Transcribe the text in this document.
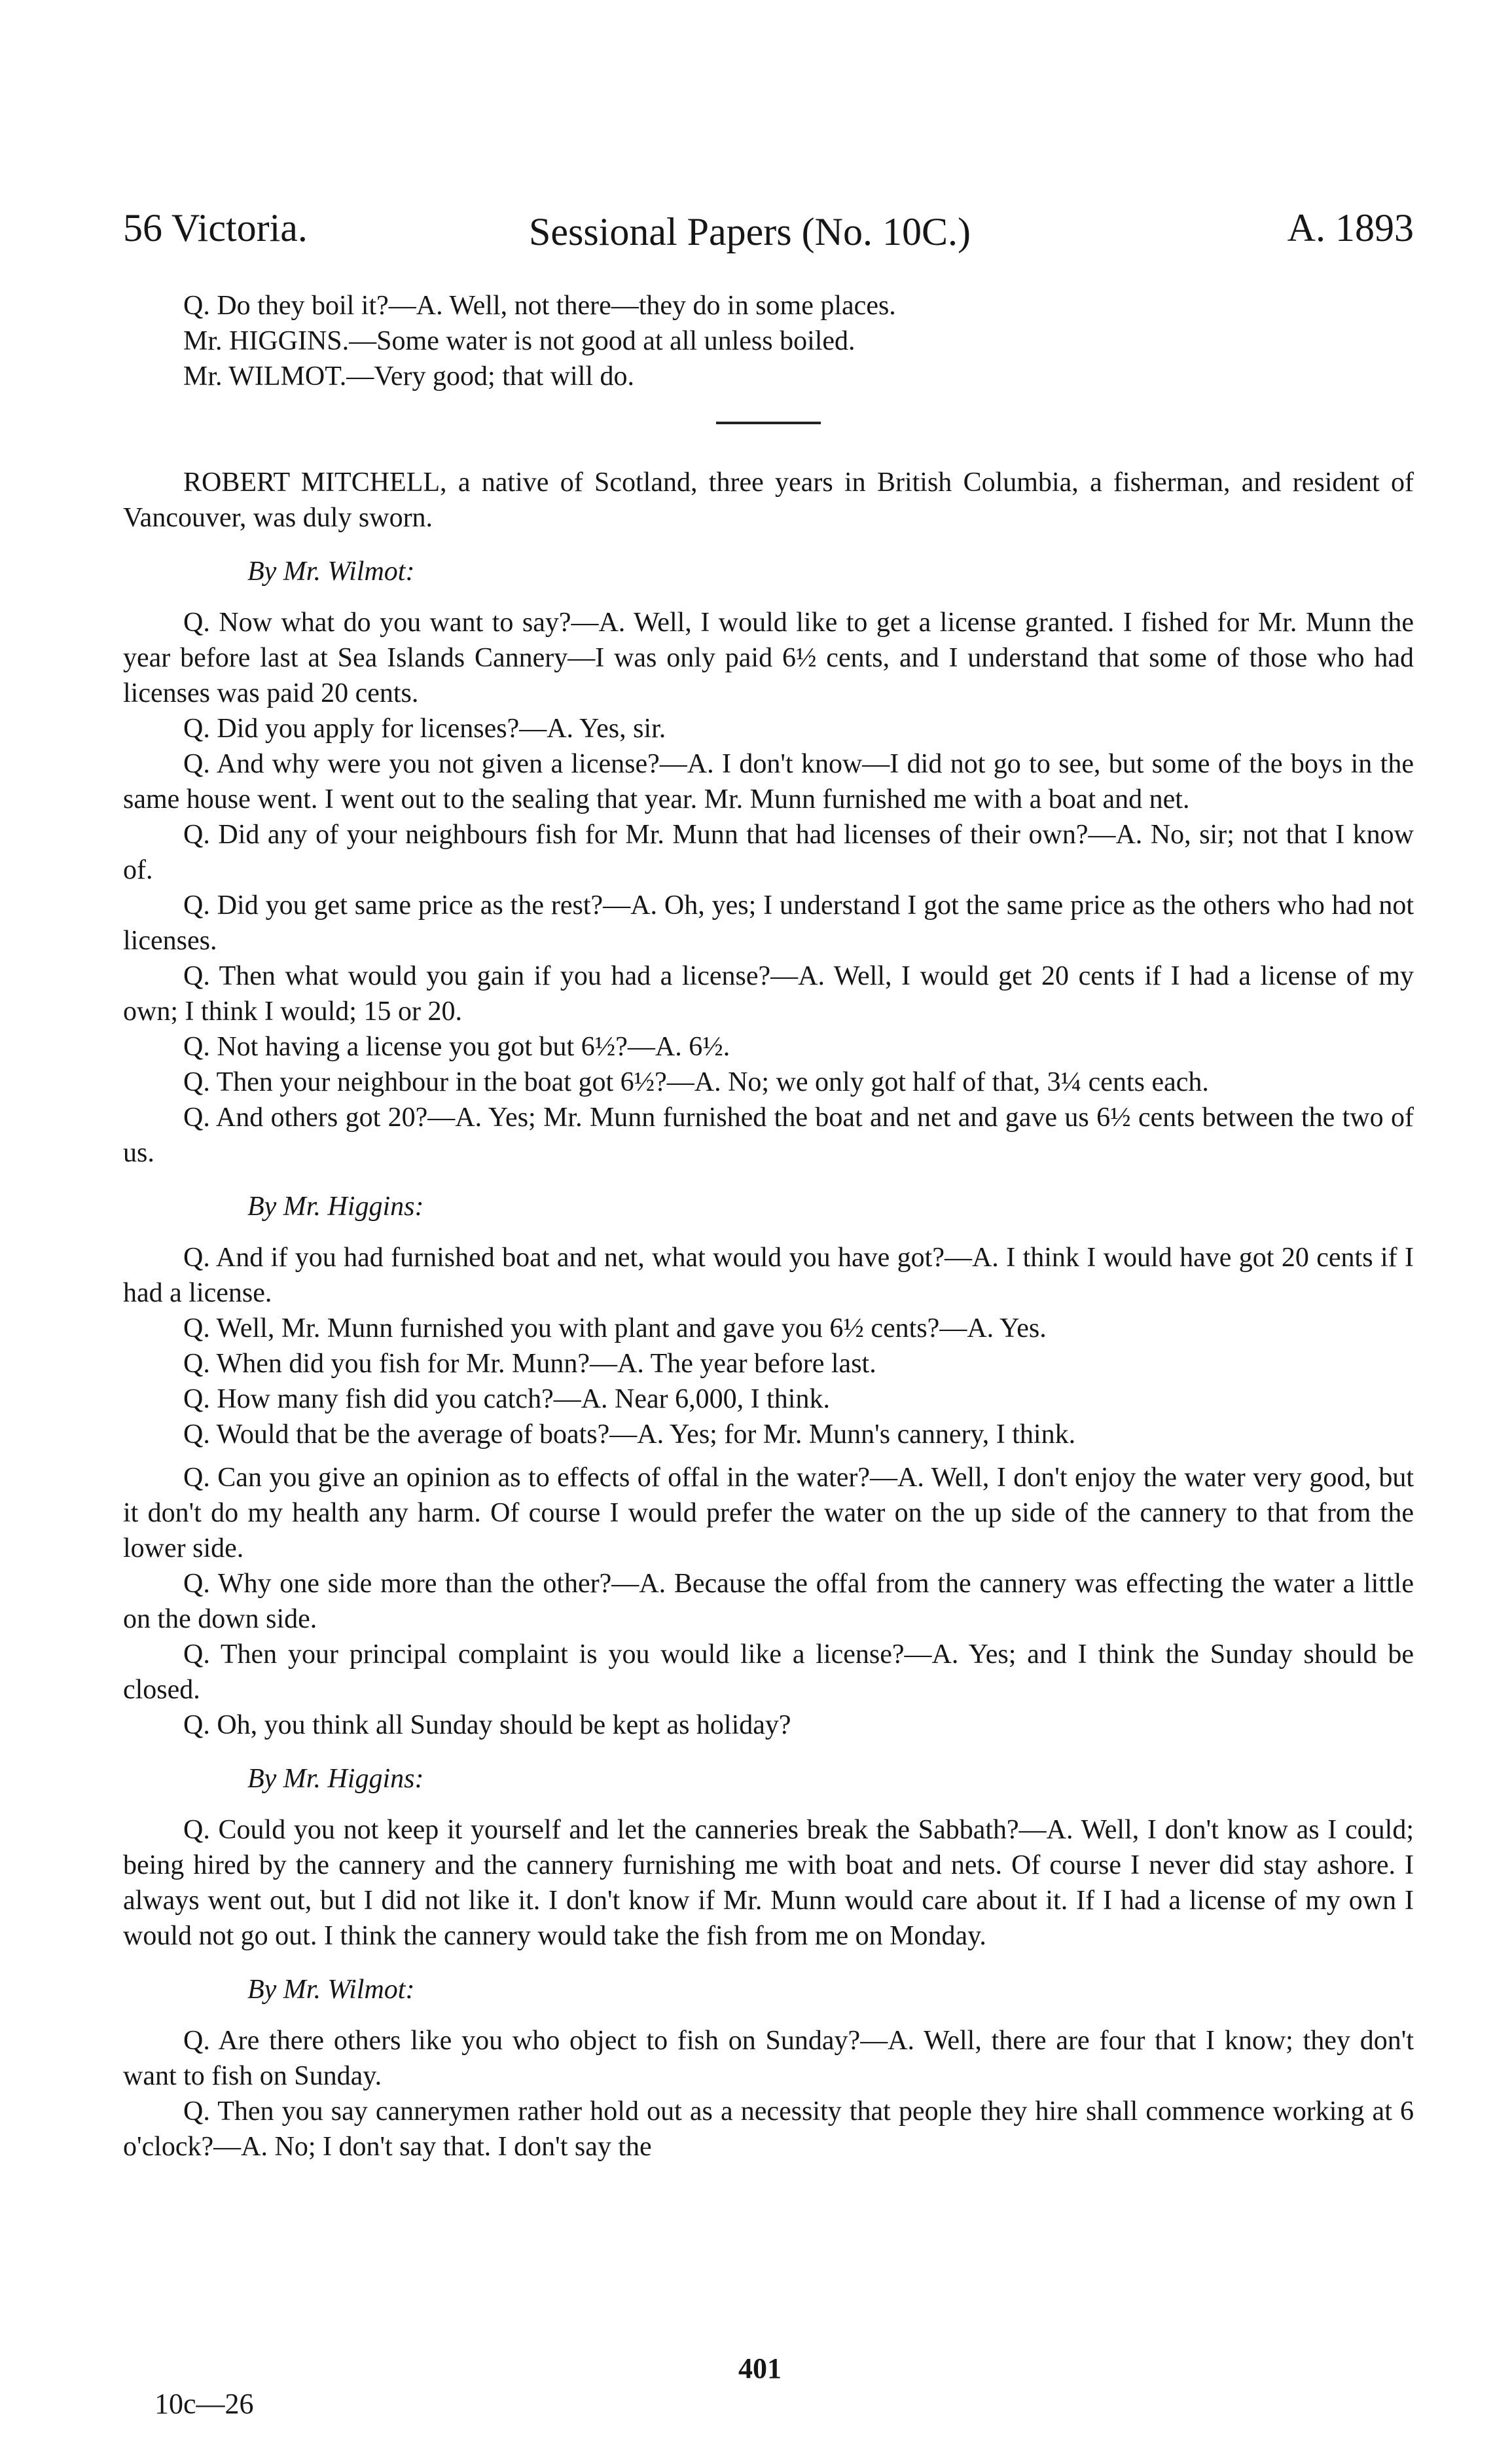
56 Victoria.	Sessional Papers (No. 10C.)	A. 1893

Q. Do they boil it?—A. Well, not there—they do in some places.

Mr. HIGGINS.—Some water is not good at all unless boiled.

Mr. WILMOT.—Very good; that will do.

ROBERT MITCHELL, a native of Scotland, three years in British Columbia, a fisherman, and resident of Vancouver, was duly sworn.

By Mr. Wilmot:

Q. Now what do you want to say?—A. Well, I would like to get a license granted. I fished for Mr. Munn the year before last at Sea Islands Cannery—I was only paid 6½ cents, and I understand that some of those who had licenses was paid 20 cents.

Q. Did you apply for licenses?—A. Yes, sir.

Q. And why were you not given a license?—A. I don't know—I did not go to see, but some of the boys in the same house went. I went out to the sealing that year. Mr. Munn furnished me with a boat and net.

Q. Did any of your neighbours fish for Mr. Munn that had licenses of their own?—A. No, sir; not that I know of.

Q. Did you get same price as the rest?—A. Oh, yes; I understand I got the same price as the others who had not licenses.

Q. Then what would you gain if you had a license?—A. Well, I would get 20 cents if I had a license of my own; I think I would; 15 or 20.

Q. Not having a license you got but 6½?—A. 6½.

Q. Then your neighbour in the boat got 6½?—A. No; we only got half of that, 3¼ cents each.

Q. And others got 20?—A. Yes; Mr. Munn furnished the boat and net and gave us 6½ cents between the two of us.

By Mr. Higgins:

Q. And if you had furnished boat and net, what would you have got?—A. I think I would have got 20 cents if I had a license.

Q. Well, Mr. Munn furnished you with plant and gave you 6½ cents?—A. Yes.

Q. When did you fish for Mr. Munn?—A. The year before last.

Q. How many fish did you catch?—A. Near 6,000, I think.

Q. Would that be the average of boats?—A. Yes; for Mr. Munn's cannery, I think.

Q. Can you give an opinion as to effects of offal in the water?—A. Well, I don't enjoy the water very good, but it don't do my health any harm. Of course I would prefer the water on the up side of the cannery to that from the lower side.

Q. Why one side more than the other?—A. Because the offal from the cannery was effecting the water a little on the down side.

Q. Then your principal complaint is you would like a license?—A. Yes; and I think the Sunday should be closed.

Q. Oh, you think all Sunday should be kept as holiday?

By Mr. Higgins:

Q. Could you not keep it yourself and let the canneries break the Sabbath?—A. Well, I don't know as I could; being hired by the cannery and the cannery furnishing me with boat and nets. Of course I never did stay ashore. I always went out, but I did not like it. I don't know if Mr. Munn would care about it. If I had a license of my own I would not go out. I think the cannery would take the fish from me on Monday.

By Mr. Wilmot:

Q. Are there others like you who object to fish on Sunday?—A. Well, there are four that I know; they don't want to fish on Sunday.

Q. Then you say cannerymen rather hold out as a necessity that people they hire shall commence working at 6 o'clock?—A. No; I don't say that. I don't say the

401
10c—26
